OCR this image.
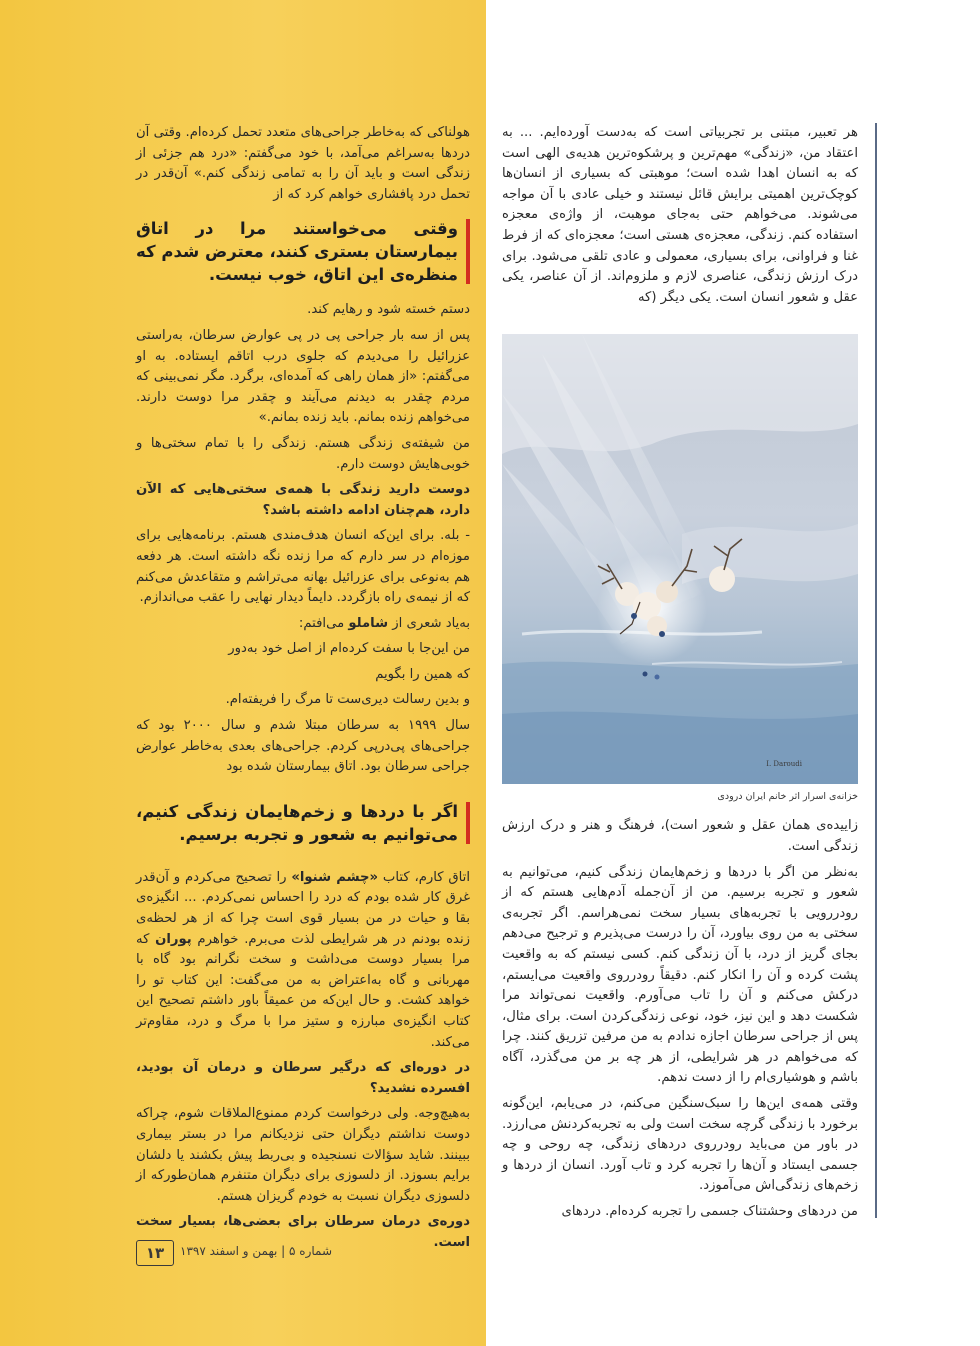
هولناکی که به‌خاطر جراحی‌های متعدد تحمل کرده‌ام. وقتی آن دردها به‌سراغم می‌آمد، با خود می‌گفتم: «درد هم جزئی از زندگی است و باید آن را به تمامی زندگی کنم.» آن‌قدر در تحمل درد پافشاری خواهم کرد که از

وقتی می‌خواستند مرا در اتاق بیمارستان بستری کنند، معترض شدم که منظره‌ی این اتاق، خوب نیست.

دستم خسته شود و رهایم کند.

پس از سه بار جراحی پی در پی عوارض سرطان، به‌راستی عزرائیل را می‌دیدم که جلوی درب اتاقم ایستاده. به او می‌گفتم: «از همان راهی که آمده‌ای، برگرد. مگر نمی‌بینی که مردم چقدر به دیدنم می‌آیند و چقدر مرا دوست دارند. می‌خواهم زنده بمانم. باید زنده بمانم.»

من شیفته‌ی زندگی هستم. زندگی را با تمام سختی‌ها و خوبی‌هایش دوست دارم.

دوست دارید زندگی با همه‌ی سختی‌هایی که الآن دارد، هم‌چنان ادامه داشته باشد؟

- بله. برای این‌که انسان هدف‌مندی هستم. برنامه‌هایی برای موزه‌ام در سر دارم که مرا زنده نگه داشته است. هر دفعه هم به‌نوعی برای عزرائیل بهانه می‌تراشم و متقاعدش می‌کنم که از نیمه‌ی راه بازگردد. دایماً دیدار نهایی را عقب می‌اندازم.

به‌یاد شعری از شاملو می‌افتم:

من این‌جا با سفت کرده‌ام از اصل خود به‌دور

که همین را بگویم

و بدین رسالت دیری‌ست تا مرگ را فریفته‌ام.

سال ۱۹۹۹ به سرطان مبتلا شدم و سال ۲۰۰۰ بود که جراحی‌های پی‌درپی کردم. جراحی‌های بعدی به‌خاطر عوارض جراحی سرطان بود. اتاق بیمارستان شده بود

اگر با دردها و زخم‌هایمان زندگی کنیم، می‌توانیم به شعور و تجربه برسیم.

اتاق کارم، کتاب «چشم شنوا» را تصحیح می‌کردم و آن‌قدر غرق کار شده بودم که درد را احساس نمی‌کردم. ... انگیزه‌ی بقا و حیات در من بسیار قوی است چرا که از هر لحظه‌ی زنده بودنم در هر شرایطی لذت می‌برم. خواهرم پوران که مرا بسیار دوست می‌داشت و سخت نگرانم بود گاه با مهربانی و گاه به‌اعتراض به من می‌گفت: این کتاب تو را خواهد کشت. و حال این‌که من عمیقاً باور داشتم تصحیح این کتاب انگیزه‌ی مبارزه و ستیز مرا با مرگ و درد، مقاوم‌تر می‌کند.

در دوره‌ای که درگیر سرطان و درمان آن بودید، افسرده نشدید؟

به‌هیچ‌وجه. ولی درخواست کردم ممنوع‌الملاقات شوم، چراکه دوست نداشتم دیگران حتی نزدیکانم مرا در بستر بیماری ببینند. شاید سؤالات نسنجیده و بی‌ربط پیش بکشند یا دلشان برایم بسوزد. از دلسوزی برای دیگران متنفرم همان‌طورکه از دلسوزی دیگران نسبت به خودم گریزان هستم.

دوره‌ی درمان سرطان برای بعضی‌ها، بسیار سخت است.

هر تعبیر، مبتنی بر تجربیاتی است که به‌دست آورده‌ایم. ... به اعتقاد من، «زندگی» مهم‌ترین و پرشکوه‌ترین هدیه‌ی الهی است که به انسان اهدا شده است؛ موهبتی که بسیاری از انسان‌ها کوچک‌ترین اهمیتی برایش قائل نیستند و خیلی عادی با آن مواجه می‌شوند. می‌خواهم حتی به‌جای موهبت، از واژه‌ی معجزه استفاده کنم. زندگی، معجزه‌ی هستی است؛ معجزه‌ای که از فرط غنا و فراوانی، برای بسیاری، معمولی و عادی تلقی می‌شود. برای درک ارزش زندگی، عناصری لازم و ملزوم‌اند. از آن عناصر، یکی عقل و شعور انسان است. یکی دیگر (که

I. Daroudi
خزانه‌ی اسرار اثر خانم ایران درودی

زاییده‌ی همان عقل و شعور است)، فرهنگ و هنر و درک ارزش زندگی است.

به‌نظر من اگر با دردها و زخم‌هایمان زندگی کنیم، می‌توانیم به شعور و تجربه برسیم. من از آن‌جمله آدم‌هایی هستم که از رودررویی با تجربه‌های بسیار سخت نمی‌هراسم. اگر تجربه‌ی سختی به من روی بیاورد، آن را درست می‌پذیرم و ترجیح می‌دهم بجای گریز از درد، با آن زندگی کنم. کسی نیستم که به واقعیت پشت کرده و آن را انکار کنم. دقیقاً رودرروی واقعیت می‌ایستم، درکش می‌کنم و آن را تاب می‌آورم. واقعیت نمی‌تواند مرا شکست دهد و این نیز، خود، نوعی زندگی‌کردن است. برای مثال، پس از جراحی سرطان اجازه ندادم به من مرفین تزریق کنند. چرا که می‌خواهم در هر شرایطی، از هر چه بر من می‌گذرد، آگاه باشم و هوشیاری‌ام را از دست ندهم.

وقتی همه‌ی این‌ها را سبک‌سنگین می‌کنم، در می‌یابم، این‌گونه برخورد با زندگی گرچه سخت است ولی به تجربه‌کردنش می‌ارزد. در باور من می‌باید رودرروی دردهای زندگی، چه روحی و چه جسمی ایستاد و آن‌ها را تجربه کرد و تاب آورد. انسان از دردها و زخم‌های زندگی‌اش می‌آموزد.

من دردهای وحشتناک جسمی را تجربه کرده‌ام. دردهای

۱۳	شماره ۵ | بهمن و اسفند ۱۳۹۷
